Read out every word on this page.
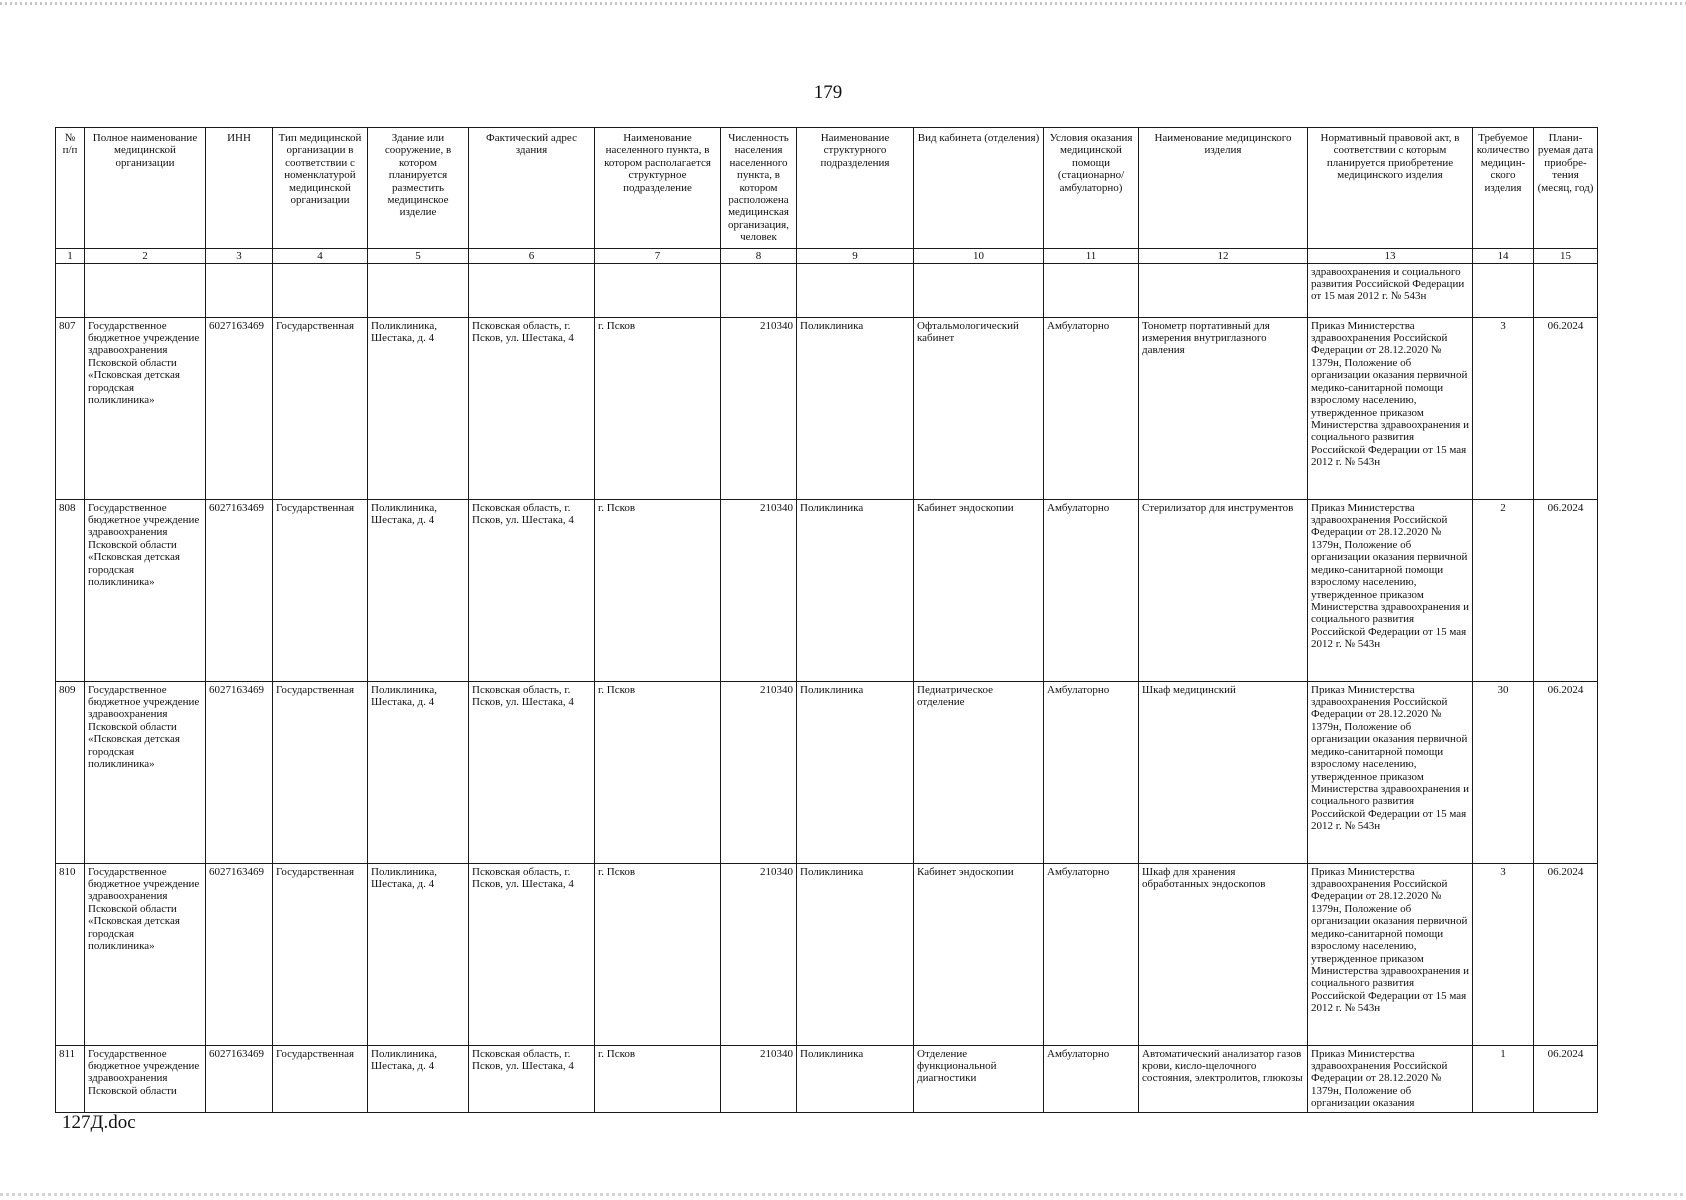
179
№ п/п	Полное наименование медицинской организации	ИНН	Тип медицинской организации в соответствии с номенклатурой медицинской организации	Здание или сооружение, в котором планируется разместить медицинское изделие	Фактический адрес здания	Наименование населенного пункта, в котором располагается структурное подразделение	Численность населения населенного пункта, в котором расположена медицинская организация, человек	Наименование структурного подразделения	Вид кабинета (отделения)	Условия оказания медицинской помощи (стационарно/ амбулаторно)	Наименование медицинского изделия	Нормативный правовой акт, в соответствии с которым планируется приобретение медицинского изделия	Требуемое количество медицин-ского изделия	Плани-руемая дата приобре-тения (месяц, год)
1	2	3	4	5	6	7	8	9	10	11	12	13	14	15
												здравоохранения и социального развития Российской Федерации от 15 мая 2012 г. № 543н		
807	Государственное бюджетное учреждение здравоохранения Псковской области «Псковская детская городская поликлиника»	6027163469	Государственная	Поликлиника, Шестака, д. 4	Псковская область, г. Псков, ул. Шестака, 4	г. Псков	210340	Поликлиника	Офтальмологический кабинет	Амбулаторно	Тонометр портативный для измерения внутриглазного давления	Приказ Министерства здравоохранения Российской Федерации от 28.12.2020 № 1379н, Положение об организации оказания первичной медико-санитарной помощи взрослому населению, утвержденное приказом Министерства здравоохранения и социального развития Российской Федерации от 15 мая 2012 г. № 543н	3	06.2024
808	Государственное бюджетное учреждение здравоохранения Псковской области «Псковская детская городская поликлиника»	6027163469	Государственная	Поликлиника, Шестака, д. 4	Псковская область, г. Псков, ул. Шестака, 4	г. Псков	210340	Поликлиника	Кабинет эндоскопии	Амбулаторно	Стерилизатор для инструментов	Приказ Министерства здравоохранения Российской Федерации от 28.12.2020 № 1379н, Положение об организации оказания первичной медико-санитарной помощи взрослому населению, утвержденное приказом Министерства здравоохранения и социального развития Российской Федерации от 15 мая 2012 г. № 543н	2	06.2024
809	Государственное бюджетное учреждение здравоохранения Псковской области «Псковская детская городская поликлиника»	6027163469	Государственная	Поликлиника, Шестака, д. 4	Псковская область, г. Псков, ул. Шестака, 4	г. Псков	210340	Поликлиника	Педиатрическое отделение	Амбулаторно	Шкаф медицинский	Приказ Министерства здравоохранения Российской Федерации от 28.12.2020 № 1379н, Положение об организации оказания первичной медико-санитарной помощи взрослому населению, утвержденное приказом Министерства здравоохранения и социального развития Российской Федерации от 15 мая 2012 г. № 543н	30	06.2024
810	Государственное бюджетное учреждение здравоохранения Псковской области «Псковская детская городская поликлиника»	6027163469	Государственная	Поликлиника, Шестака, д. 4	Псковская область, г. Псков, ул. Шестака, 4	г. Псков	210340	Поликлиника	Кабинет эндоскопии	Амбулаторно	Шкаф для хранения обработанных эндоскопов	Приказ Министерства здравоохранения Российской Федерации от 28.12.2020 № 1379н, Положение об организации оказания первичной медико-санитарной помощи взрослому населению, утвержденное приказом Министерства здравоохранения и социального развития Российской Федерации от 15 мая 2012 г. № 543н	3	06.2024
811	Государственное бюджетное учреждение здравоохранения Псковской области	6027163469	Государственная	Поликлиника, Шестака, д. 4	Псковская область, г. Псков, ул. Шестака, 4	г. Псков	210340	Поликлиника	Отделение функциональной диагностики	Амбулаторно	Автоматический анализатор газов крови, кисло-щелочного состояния, электролитов, глюкозы	Приказ Министерства здравоохранения Российской Федерации от 28.12.2020 № 1379н, Положение об организации оказания	1	06.2024
127Д.doc
